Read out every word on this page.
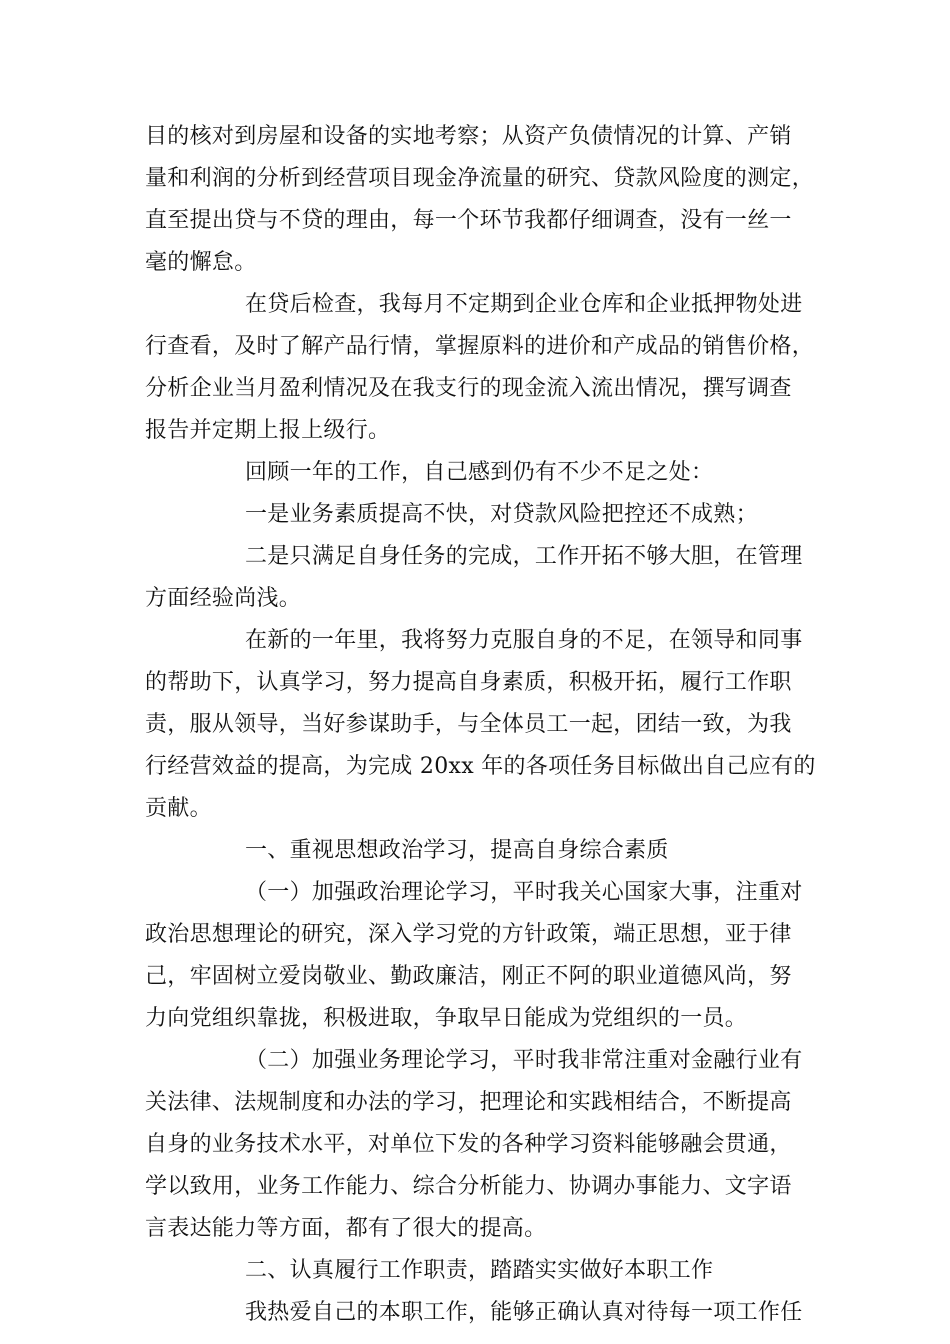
目的核对到房屋和设备的实地考察；从资产负债情况的计算、产销
量和利润的分析到经营项目现金净流量的研究、贷款风险度的测定，
直至提出贷与不贷的理由，每一个环节我都仔细调查，没有一丝一
毫的懈怠。
在贷后检查，我每月不定期到企业仓库和企业抵押物处进
行查看，及时了解产品行情，掌握原料的进价和产成品的销售价格，
分析企业当月盈利情况及在我支行的现金流入流出情况，撰写调查
报告并定期上报上级行。
回顾一年的工作，自己感到仍有不少不足之处：
一是业务素质提高不快，对贷款风险把控还不成熟；
二是只满足自身任务的完成，工作开拓不够大胆，在管理
方面经验尚浅。
在新的一年里，我将努力克服自身的不足，在领导和同事
的帮助下，认真学习，努力提高自身素质，积极开拓，履行工作职
责，服从领导，当好参谋助手，与全体员工一起，团结一致，为我
行经营效益的提高，为完成 20xx 年的各项任务目标做出自己应有的
贡献。
一、重视思想政治学习，提高自身综合素质
（一）加强政治理论学习，平时我关心国家大事，注重对
政治思想理论的研究，深入学习党的方针政策，端正思想，亚于律
己，牢固树立爱岗敬业、勤政廉洁，刚正不阿的职业道德风尚，努
力向党组织靠拢，积极进取，争取早日能成为党组织的一员。
（二）加强业务理论学习，平时我非常注重对金融行业有
关法律、法规制度和办法的学习，把理论和实践相结合，不断提高
自身的业务技术水平，对单位下发的各种学习资料能够融会贯通，
学以致用，业务工作能力、综合分析能力、协调办事能力、文字语
言表达能力等方面，都有了很大的提高。
二、认真履行工作职责，踏踏实实做好本职工作
我热爱自己的本职工作，能够正确认真对待每一项工作任
